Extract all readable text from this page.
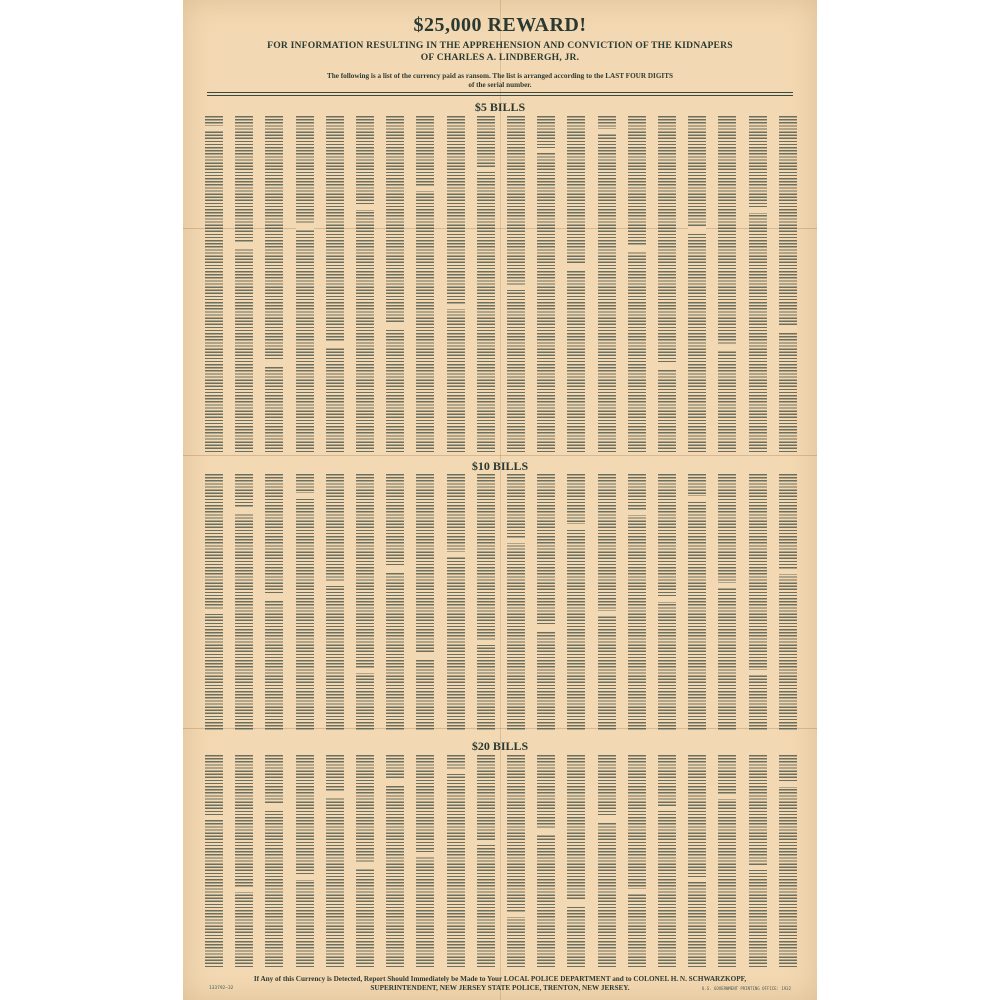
$25,000 REWARD!
FOR INFORMATION RESULTING IN THE APPREHENSION AND CONVICTION OF THE KIDNAPERS
OF CHARLES A. LINDBERGH, JR.
The following is a list of the currency paid as ransom. The list is arranged according to the LAST FOUR DIGITS
of the serial number.
$5 BILLS
$10 BILLS
$20 BILLS
If Any of this Currency is Detected, Report Should Immediately be Made to Your LOCAL POLICE DEPARTMENT and to COLONEL H. N. SCHWARZKOPF,
SUPERINTENDENT, NEW JERSEY STATE POLICE, TRENTON, NEW JERSEY.
133792—32	U.S. GOVERNMENT PRINTING OFFICE: 1932
